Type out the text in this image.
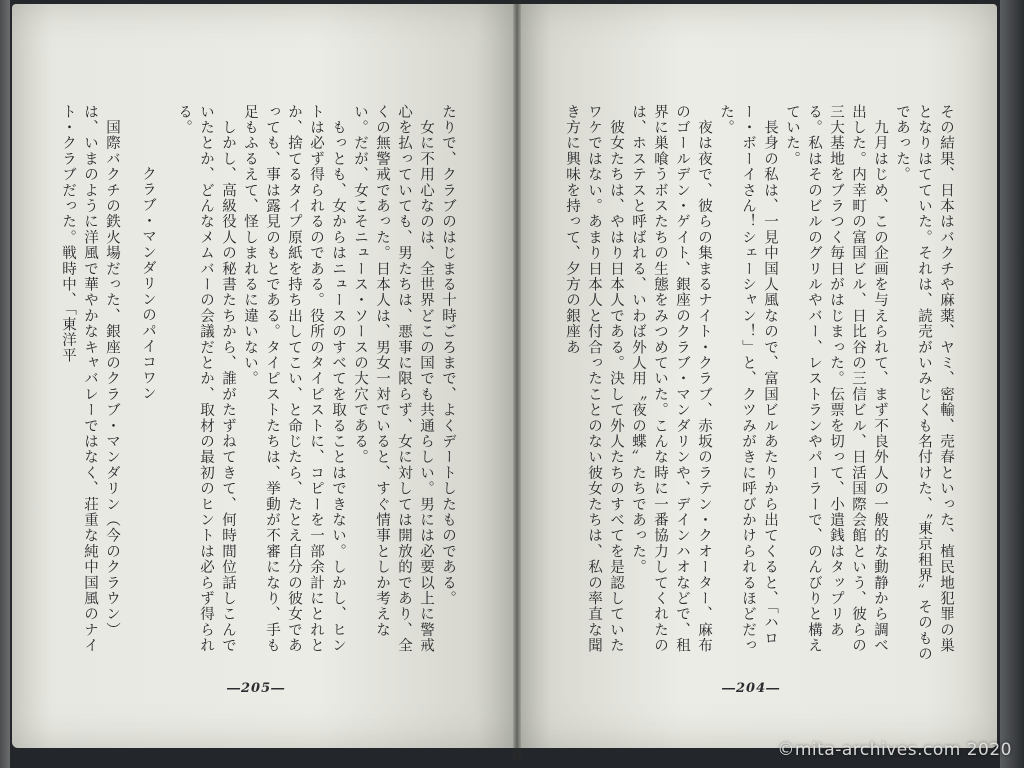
たりで、クラブのはじまる十時ごろまで、よくデートしたものである。

　女に不用心なのは、全世界どこの国でも共通らしい。男には必要以上に警戒心を払っていても、男たちは、悪事に限らず、女に対しては開放的であり、全くの無警戒であった。日本人は、男女一対でいると、すぐ情事としか考えない。だが、女こそニュース・ソースの大穴である。

　もっとも、女からはニュースのすべてを取ることはできない。しかし、ヒントは必ず得られるのである。役所のタイピストに、コピーを一部余計にとれとか、捨てるタイプ原紙を持ち出してこい、と命じたら、たとえ自分の彼女であっても、事は露見のもとである。タイピストたちは、挙動が不審になり、手も足もふるえて、怪しまれるに違いない。

　しかし、高級役人の秘書たちから、誰がたずねてきて、何時間位話しこんでいたとか、どんなメムバーの会議だとか、取材の最初のヒントは必らず得られる。

クラブ・マンダリンのパイコワン

　国際バクチの鉄火場だった、銀座のクラブ・マンダリン（今のクラウン）は、いまのように洋風で華やかなキャバレーではなく、荘重な純中国風のナイト・クラブだった。戦時中、「東洋平

―205―

その結果、日本はバクチや麻薬、ヤミ、密輸、売春といった、植民地犯罪の巣となりはてていた。それは、読売がいみじくも名付けた、〝東京租界〟そのものであった。

　九月はじめ、この企画を与えられて、まず不良外人の一般的な動静から調べ出した。内幸町の富国ビル、日比谷の三信ビル、日活国際会館という、彼らの三大基地をブラつく毎日がはじまった。伝票を切って、小遣銭はタップリある。私はそのビルのグリルやバー、レストランやパーラーで、のんびりと構えていた。

　長身の私は、一見中国人風なので、富国ビルあたりから出てくると、「ハロー・ボーイさん！シェーシャン！」と、クツみがきに呼びかけられるほどだった。

　夜は夜で、彼らの集まるナイト・クラブ、赤坂のラテン・クオーター、麻布のゴールデン・ゲイト、銀座のクラブ・マンダリンや、デインハオなどで、租界に巣喰うボスたちの生態をみつめていた。こんな時に一番協力してくれたのは、ホステスと呼ばれる、いわば外人用〝夜の蝶〟たちであった。

　彼女たちは、やはり日本人である。決して外人たちのすべてを是認していたワケではない。あまり日本人と付合ったことのない彼女たちは、私の率直な聞き方に興味を持って、夕方の銀座あ

―204―
©mita-archives.com 2020
